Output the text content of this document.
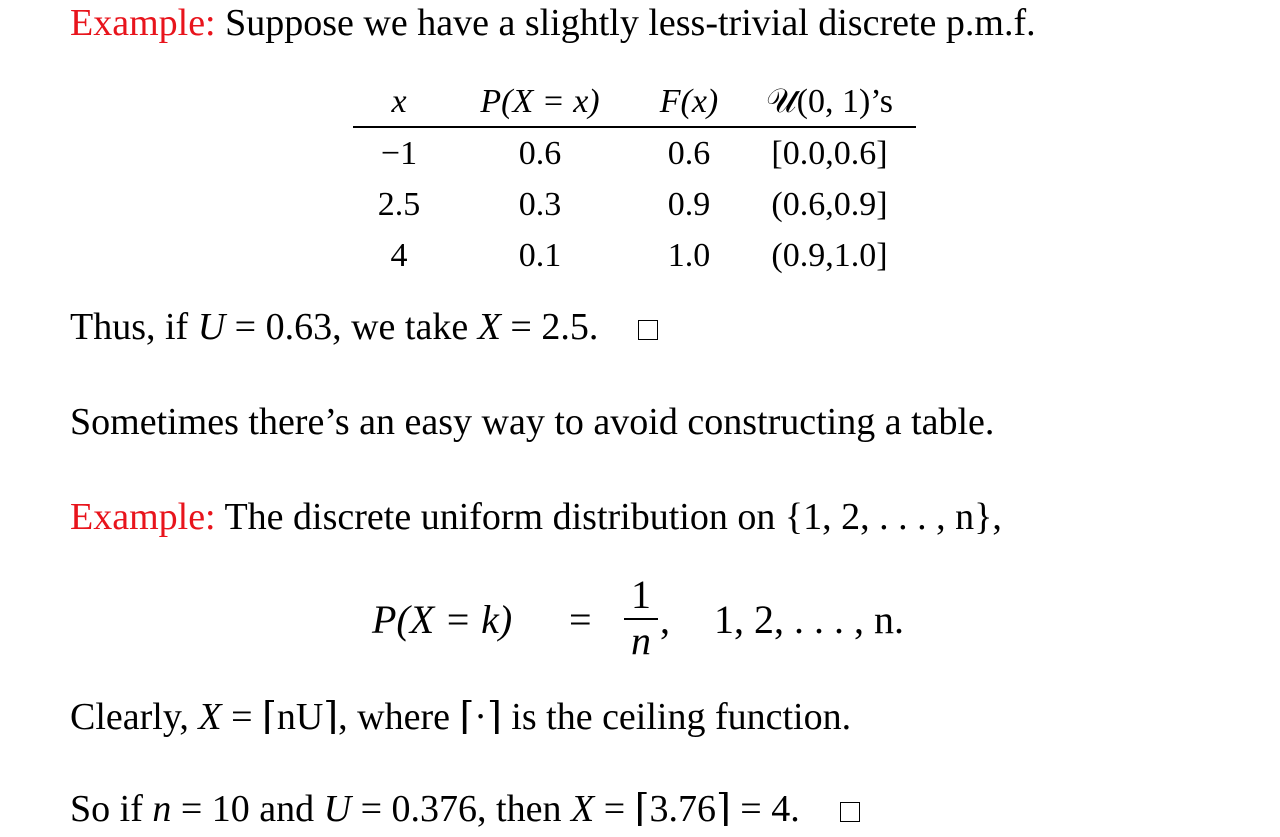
Example: Suppose we have a slightly less-trivial discrete p.m.f.
x	P(X = x)	F(x)	𝒰(0, 1)’s
−1	0.6	0.6	[0.0,0.6]
2.5	0.3	0.9	(0.6,0.9]
4	0.1	1.0	(0.9,1.0]
Thus, if U = 0.63, we take X = 2.5.
Sometimes there’s an easy way to avoid constructing a table.
Example: The discrete uniform distribution on {1, 2, . . . , n},
P(X = k) =
1
n , 1, 2, . . . , n.
Clearly, X = ⌈nU⌉, where ⌈·⌉ is the ceiling function.
So if n = 10 and U = 0.376, then X = ⌈3.76⌉ = 4.
